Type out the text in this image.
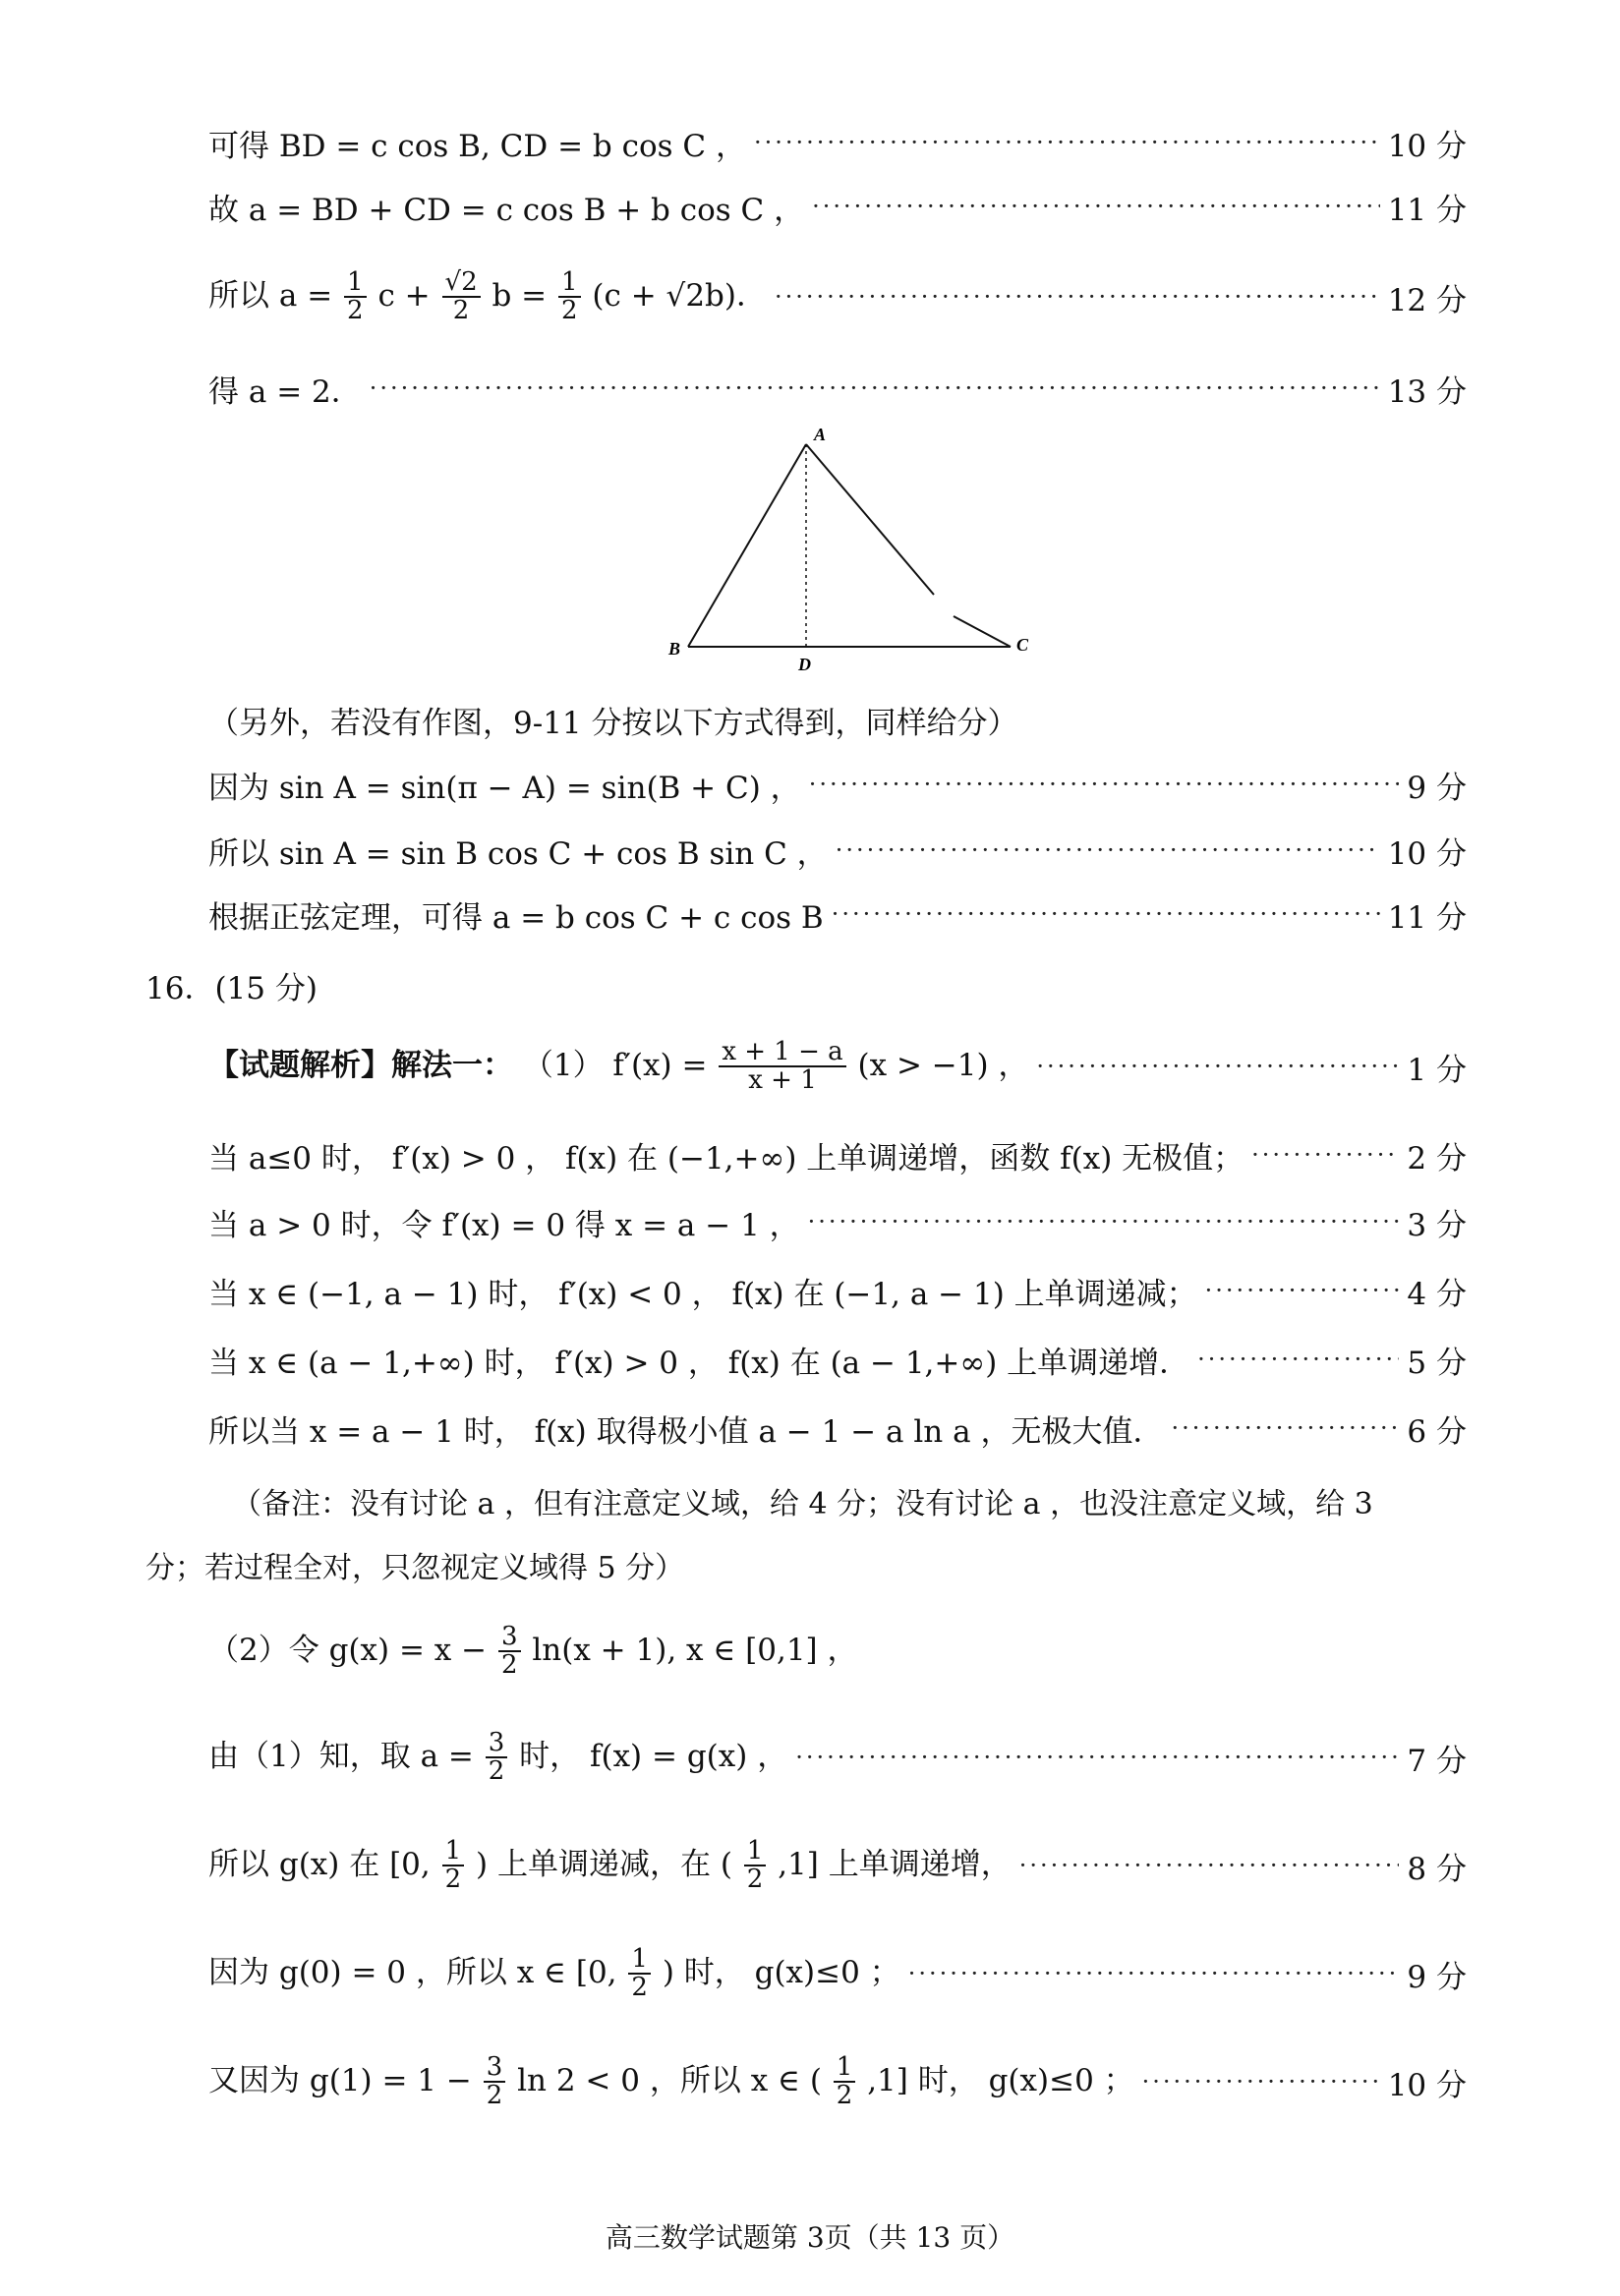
可得 BD = c cos B, CD = b cos C ， ·····	10 分
故 a = BD + CD = c cos B + b cos C ， ·····	11 分
所以 $a = \frac{1}{2}$ $c + \frac{√2}{2}$ $b = \frac{1}{2} (c + √2b)$． ·····	12 分
得 a = 2． ·····	13 分
A
B	C
D
（另外，若没有作图，9-11 分按以下方式得到，同样给分）
因为 sin A = sin(π − A) = sin(B + C) ， ·····	9 分
所以 sin A = sin B cos C + cos B sin C ， ·····	10 分
根据正弦定理，可得 a = b cos C + c cos B ·····	11 分
16．(15 分)
【试题解析】解法一： （1） $f'(x) = \frac{x + 1 - a}{x + 1} (x > -1)$ ， ·····	1 分
当 a≤0 时， f′(x) > 0 ， f(x) 在 (−1,+∞) 上单调递增，函数 f(x) 无极值； ·····	2 分
当 a > 0 时，令 f′(x) = 0 得 x = a − 1 ， ·····	3 分
当 x ∈ (−1, a − 1) 时， f′(x) < 0 ， f(x) 在 (−1, a − 1) 上单调递减； ·····	4 分
当 x ∈ (a − 1,+∞) 时， f′(x) > 0 ， f(x) 在 (a − 1,+∞) 上单调递增． ·····	5 分
所以当 x = a − 1 时， f(x) 取得极小值 a − 1 − a ln a ，无极大值． ·····	6 分
（备注：没有讨论 a ，但有注意定义域，给 4 分；没有讨论 a ，也没注意定义域，给 3
分；若过程全对，只忽视定义域得 5 分）
（2）令 $g(x) = x - \frac{3}{2} \ln(x + 1)$, x ∈ [0,1] ，
由（1）知，取 $a = \frac{3}{2}$ 时， f(x) = g(x) ， ·····	7 分
所以 g(x) 在 [0, $\frac{1}{2}$ ) 上单调递减，在 ( $\frac{1}{2} ,1$] 上单调递增， ·····	8 分
因为 g(0) = 0 ，所以 x ∈ [0, $\frac{1}{2}$ ) 时， g(x)≤0 ； ·····	9 分
又因为 $g(1) = 1 - \frac{3}{2}$ ln 2 < 0 ，所以 x ∈ ( $\frac{1}{2} ,1$] 时， g(x)≤0 ； ·····	10 分
高三数学试题第 3页（共 13 页）
